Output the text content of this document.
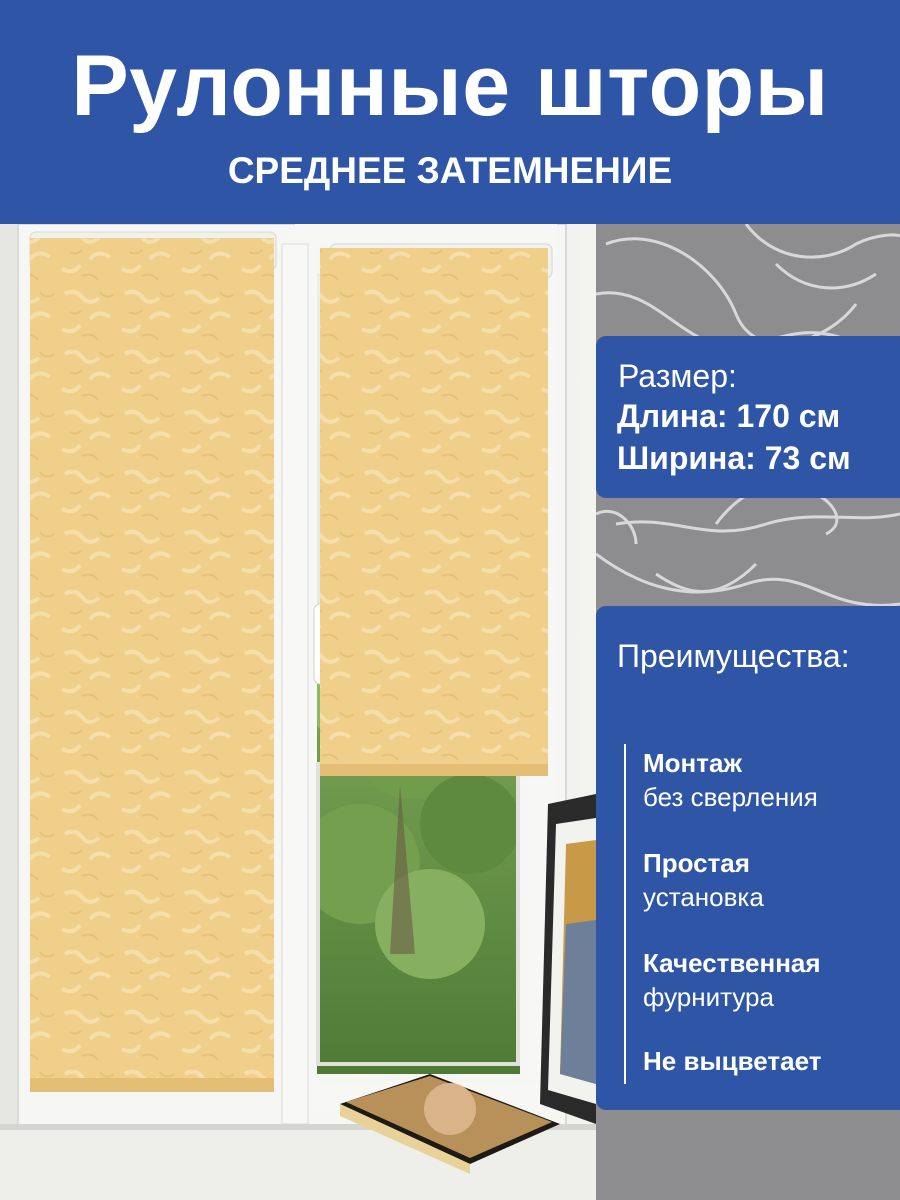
Рулонные шторы
СРЕДНЕЕ ЗАТЕМНЕНИЕ
Размер:
Длина: 170 см
Ширина: 73 см
Преимущества:
Монтаж
без сверления
Простая
установка
Качественная
фурнитура
Не выцветает
